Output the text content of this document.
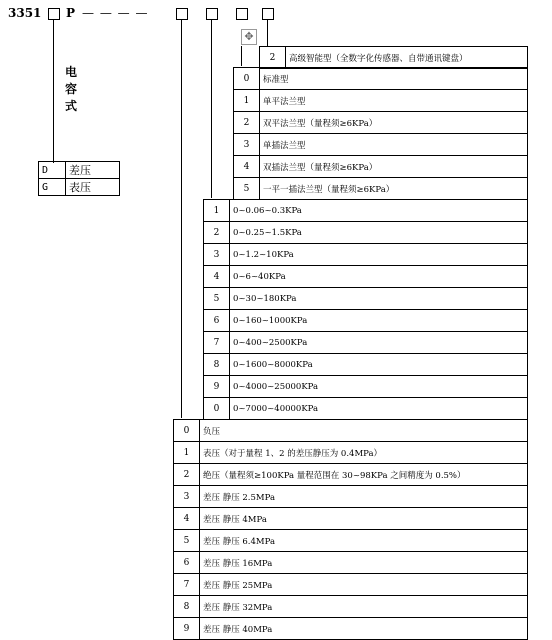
3351 P — — — —
✥
电容式
D	差压
G	表压
2	高级智能型（全数字化传感器、自带通讯键盘）
0	标准型
1	单平法兰型
2	双平法兰型（量程须≥6KPa）
3	单插法兰型
4	双插法兰型（量程须≥6KPa）
5	一平一插法兰型（量程须≥6KPa）
1	0~0.06~0.3KPa
2	0~0.25~1.5KPa
3	0~1.2~10KPa
4	0~6~40KPa
5	0~30~180KPa
6	0~160~1000KPa
7	0~400~2500KPa
8	0~1600~8000KPa
9	0~4000~25000KPa
0	0~7000~40000KPa
0	负压
1	表压（对于量程 1、2 的差压静压为 0.4MPa）
2	绝压（量程须≥100KPa 量程范围在 30~98KPa 之间精度为 0.5%）
3	差压 静压 2.5MPa
4	差压 静压 4MPa
5	差压 静压 6.4MPa
6	差压 静压 16MPa
7	差压 静压 25MPa
8	差压 静压 32MPa
9	差压 静压 40MPa
